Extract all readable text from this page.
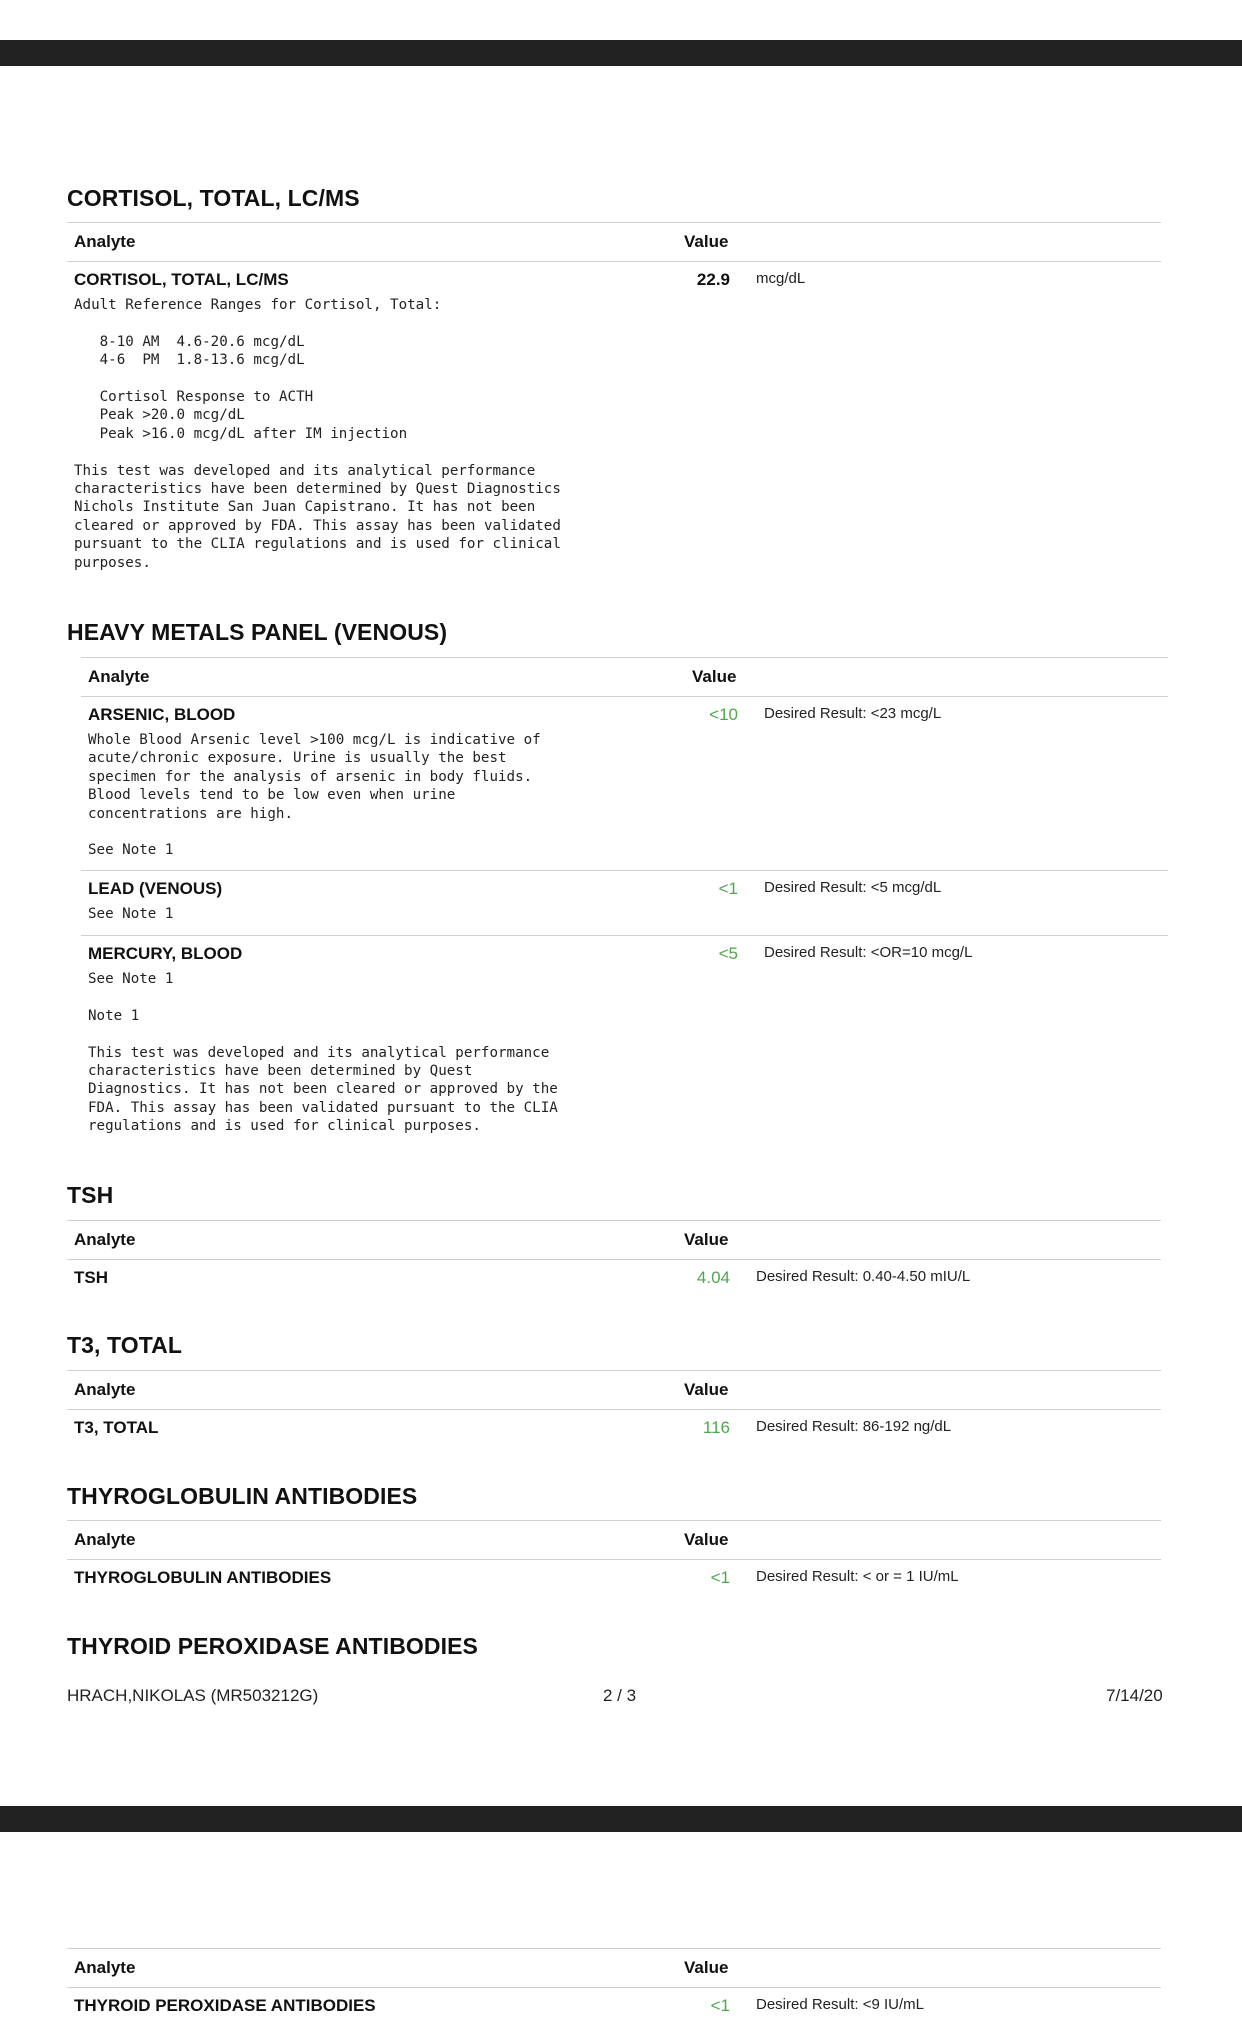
CORTISOL, TOTAL, LC/MS
Analyte	Value
CORTISOL, TOTAL, LC/MS	22.9 mcg/dL
Adult Reference Ranges for Cortisol, Total:

8-10 AM  4.6-20.6 mcg/dL
4-6  PM  1.8-13.6 mcg/dL

Cortisol Response to ACTH
Peak >20.0 mcg/dL
Peak >16.0 mcg/dL after IM injection

This test was developed and its analytical performance
characteristics have been determined by Quest Diagnostics
Nichols Institute San Juan Capistrano. It has not been
cleared or approved by FDA. This assay has been validated
pursuant to the CLIA regulations and is used for clinical
purposes.
HEAVY METALS PANEL (VENOUS)
Analyte	Value
ARSENIC, BLOOD	<10 Desired Result: <23 mcg/L
Whole Blood Arsenic level >100 mcg/L is indicative of
acute/chronic exposure. Urine is usually the best
specimen for the analysis of arsenic in body fluids.
Blood levels tend to be low even when urine
concentrations are high.

See Note 1
LEAD (VENOUS)	<1 Desired Result: <5 mcg/dL
See Note 1
MERCURY, BLOOD	<5 Desired Result: <OR=10 mcg/L
See Note 1

Note 1

This test was developed and its analytical performance
characteristics have been determined by Quest
Diagnostics. It has not been cleared or approved by the
FDA. This assay has been validated pursuant to the CLIA
regulations and is used for clinical purposes.
TSH
Analyte	Value
TSH	4.04 Desired Result: 0.40-4.50 mIU/L
T3, TOTAL
Analyte	Value
T3, TOTAL	116 Desired Result: 86-192 ng/dL
THYROGLOBULIN ANTIBODIES
Analyte	Value
THYROGLOBULIN ANTIBODIES	<1 Desired Result: < or = 1 IU/mL
THYROID PEROXIDASE ANTIBODIES
HRACH,NIKOLAS (MR503212G)	2 / 3	7/14/20
Analyte	Value
THYROID PEROXIDASE ANTIBODIES	<1 Desired Result: <9 IU/mL
